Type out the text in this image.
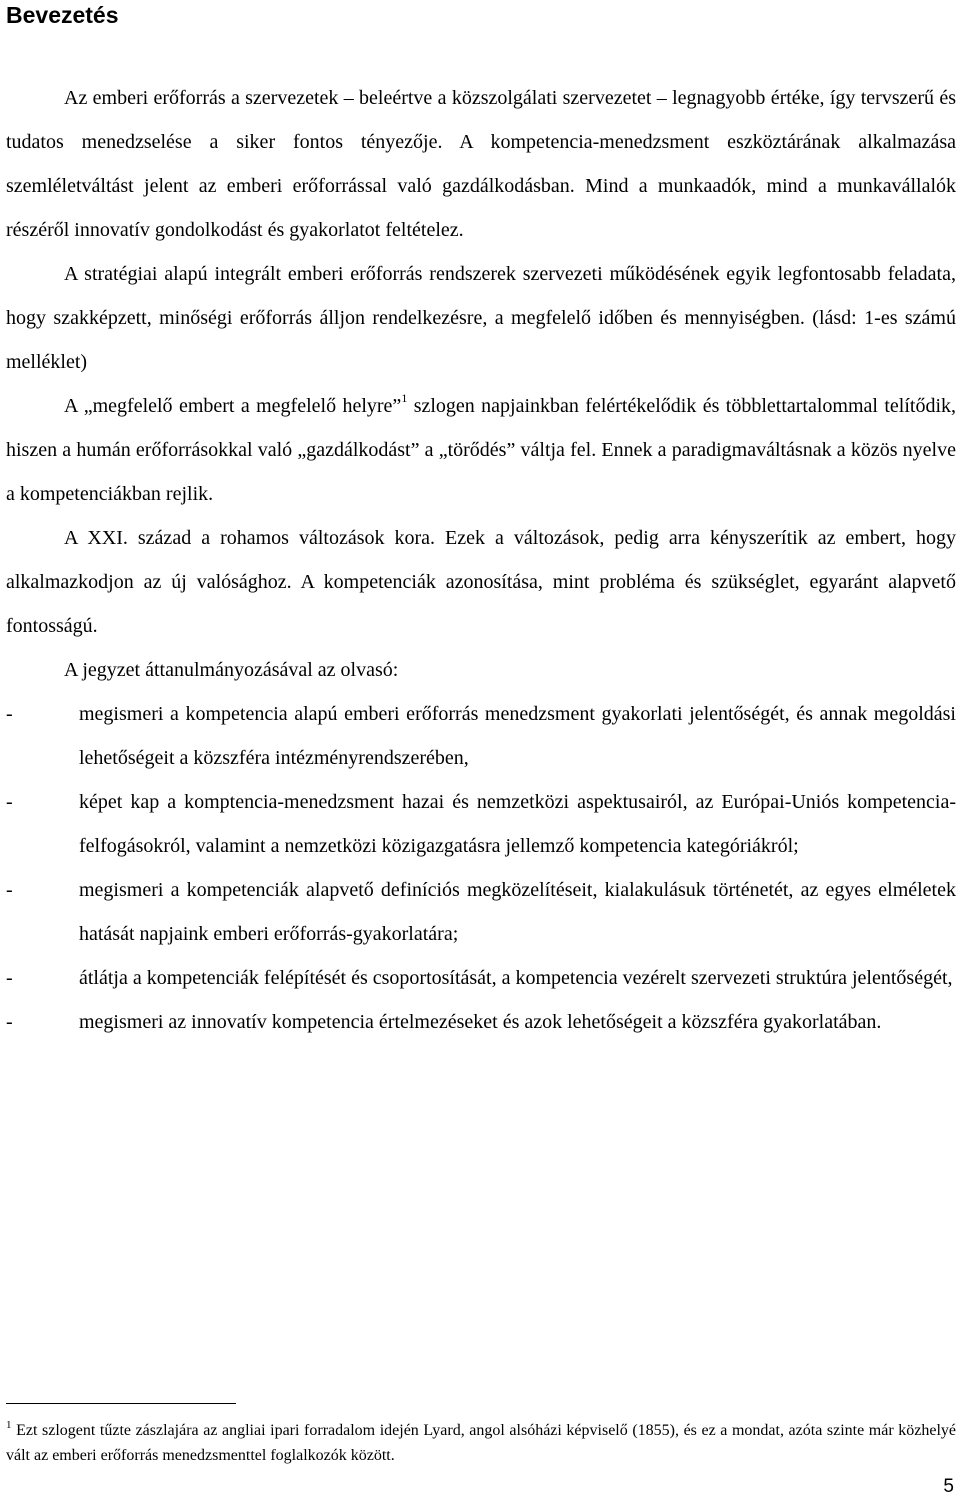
Bevezetés

Az emberi erőforrás a szervezetek – beleértve a közszolgálati szervezetet – legnagyobb értéke, így tervszerű és tudatos menedzselése a siker fontos tényezője. A kompetencia-menedzsment eszköztárának alkalmazása szemléletváltást jelent az emberi erőforrással való gazdálkodásban. Mind a munkaadók, mind a munkavállalók részéről innovatív gondolkodást és gyakorlatot feltételez.

A stratégiai alapú integrált emberi erőforrás rendszerek szervezeti működésének egyik legfontosabb feladata, hogy szakképzett, minőségi erőforrás álljon rendelkezésre, a megfelelő időben és mennyiségben. (lásd: 1-es számú melléklet)

A „megfelelő embert a megfelelő helyre”$^1$ szlogen napjainkban felértékelődik és többlettartalommal telítődik, hiszen a humán erőforrásokkal való „gazdálkodást” a „törődés” váltja fel. Ennek a paradigmaváltásnak a közös nyelve a kompetenciákban rejlik.

A XXI. század a rohamos változások kora. Ezek a változások, pedig arra kényszerítik az embert, hogy alkalmazkodjon az új valósághoz. A kompetenciák azonosítása, mint probléma és szükséglet, egyaránt alapvető fontosságú.

A jegyzet áttanulmányozásával az olvasó:

-	megismeri a kompetencia alapú emberi erőforrás menedzsment gyakorlati jelentőségét, és annak megoldási lehetőségeit a közszféra intézményrendszerében,
-	képet kap a komptencia-menedzsment hazai és nemzetközi aspektusairól, az Európai-Uniós kompetencia-felfogásokról, valamint a nemzetközi közigazgatásra jellemző kompetencia kategóriákról;
-	megismeri a kompetenciák alapvető definíciós megközelítéseit, kialakulásuk történetét, az egyes elméletek hatását napjaink emberi erőforrás-gyakorlatára;
-	átlátja a kompetenciák felépítését és csoportosítását, a kompetencia vezérelt szervezeti struktúra jelentőségét,
-	megismeri az innovatív kompetencia értelmezéseket és azok lehetőségeit a közszféra gyakorlatában.
$^1$ Ezt szlogent tűzte zászlajára az angliai ipari forradalom idején Lyard, angol alsóházi képviselő (1855), és ez a mondat, azóta szinte már közhelyé vált az emberi erőforrás menedzsmenttel foglalkozók között.
5
